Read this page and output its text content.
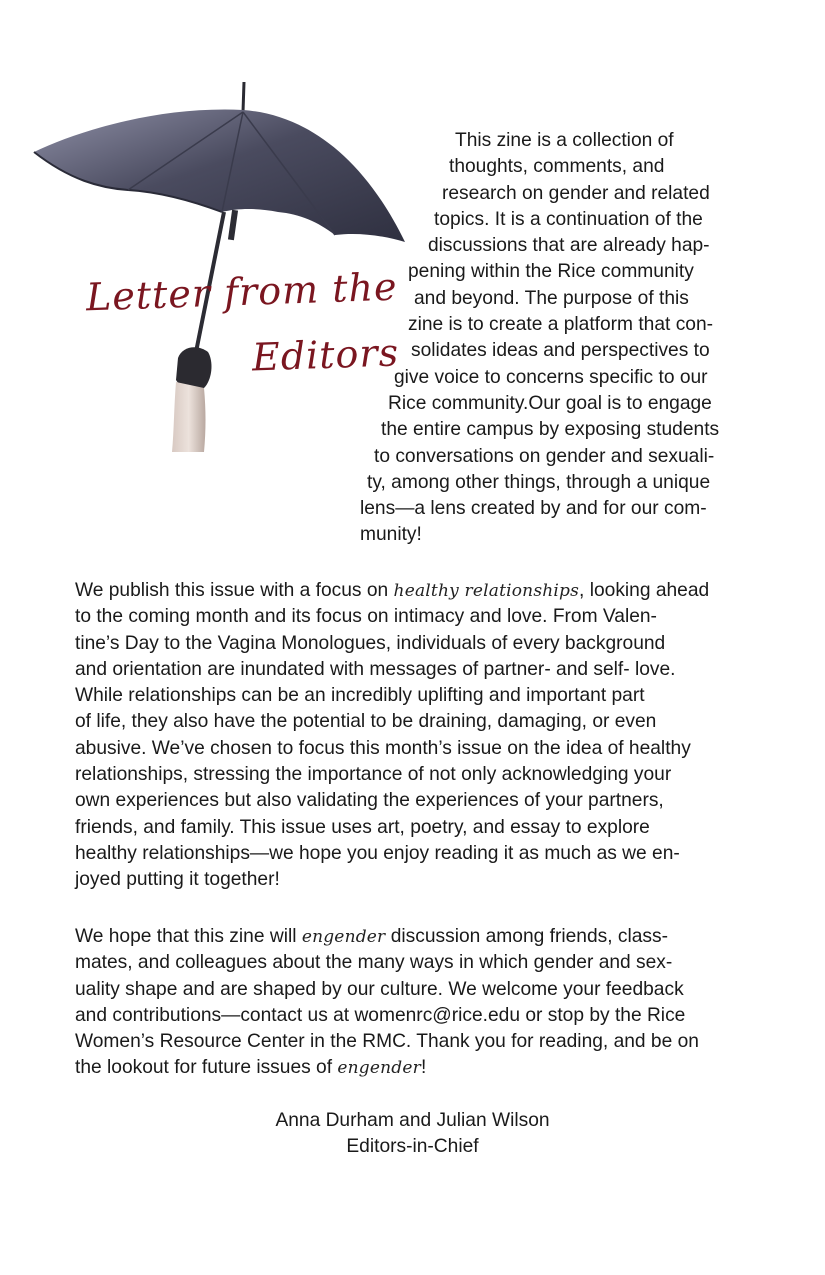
Letter from the
Editors

This zine is a collection of
thoughts, comments, and
research on gender and related
topics. It is a continuation of the
discussions that are already hap-
pening within the Rice community
and beyond. The purpose of this
zine is to create a platform that con-
solidates ideas and perspectives to
give voice to concerns specific to our
Rice community.Our goal is to engage
the entire campus by exposing students
to conversations on gender and sexuali-
ty, among other things, through a unique
lens—a lens created by and for our com-
munity!

We publish this issue with a focus on healthy relationships, looking ahead
to the coming month and its focus on intimacy and love. From Valen-
tine’s Day to the Vagina Monologues, individuals of every background
and orientation are inundated with messages of partner- and self- love.
While relationships can be an incredibly uplifting and important part
of life, they also have the potential to be draining, damaging, or even
abusive. We’ve chosen to focus this month’s issue on the idea of healthy
relationships, stressing the importance of not only acknowledging your
own experiences but also validating the experiences of your partners,
friends, and family. This issue uses art, poetry, and essay to explore
healthy relationships—we hope you enjoy reading it as much as we en-
joyed putting it together!

We hope that this zine will engender discussion among friends, class-
mates, and colleagues about the many ways in which gender and sex-
uality shape and are shaped by our culture. We welcome your feedback
and contributions—contact us at womenrc@rice.edu or stop by the Rice
Women’s Resource Center in the RMC. Thank you for reading, and be on
the lookout for future issues of engender!

Anna Durham and Julian Wilson
Editors-in-Chief
